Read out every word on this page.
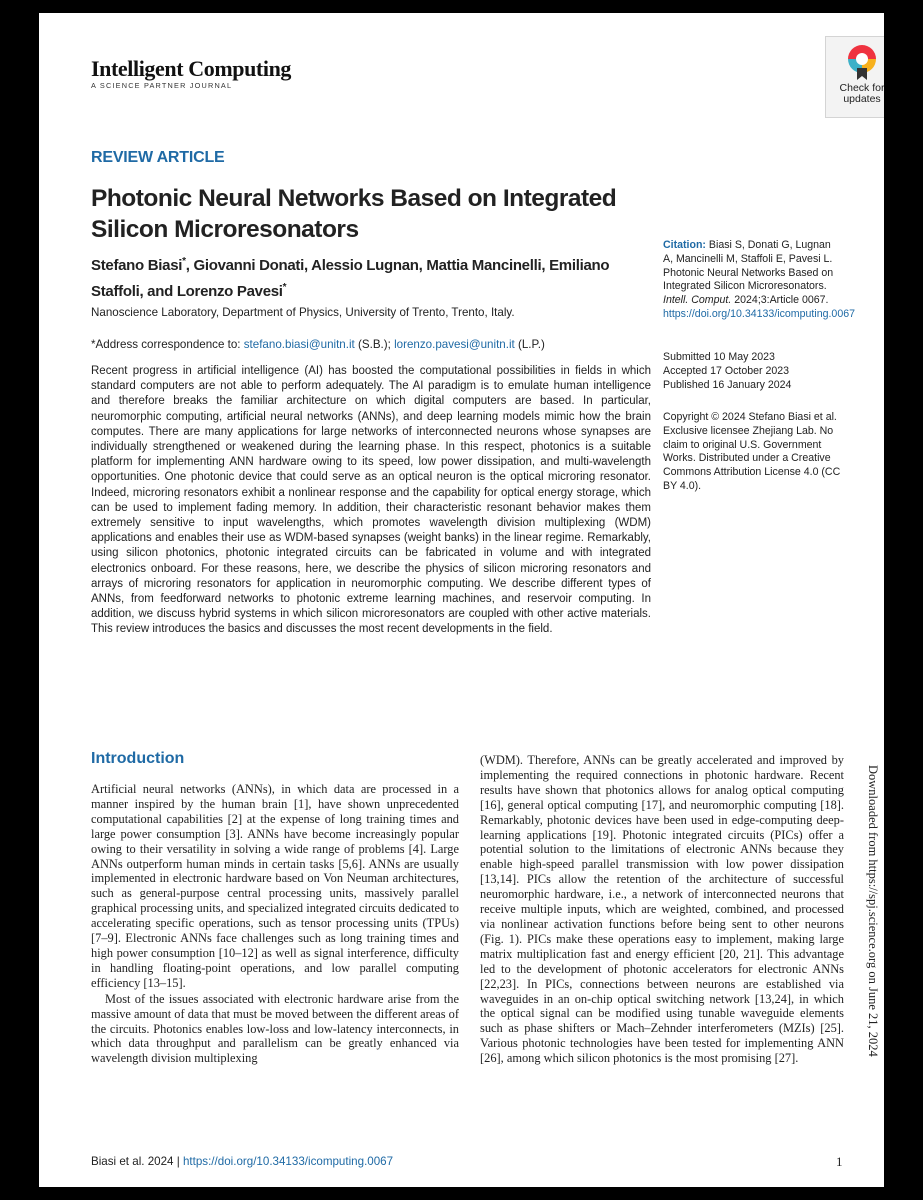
Intelligent Computing
A SCIENCE PARTNER JOURNAL	Check for
updates
REVIEW ARTICLE
Photonic Neural Networks Based on Integrated Silicon Microresonators
Stefano Biasi*, Giovanni Donati, Alessio Lugnan, Mattia Mancinelli, Emiliano Staffoli, and Lorenzo Pavesi*
Nanoscience Laboratory, Department of Physics, University of Trento, Trento, Italy.
*Address correspondence to: stefano.biasi@unitn.it (S.B.); lorenzo.pavesi@unitn.it (L.P.)

Recent progress in artificial intelligence (AI) has boosted the computational possibilities in fields in which standard computers are not able to perform adequately. The AI paradigm is to emulate human intelligence and therefore breaks the familiar architecture on which digital computers are based. In particular, neuromorphic computing, artificial neural networks (ANNs), and deep learning models mimic how the brain computes. There are many applications for large networks of interconnected neurons whose synapses are individually strengthened or weakened during the learning phase. In this respect, photonics is a suitable platform for implementing ANN hardware owing to its speed, low power dissipation, and multi-wavelength opportunities. One photonic device that could serve as an optical neuron is the optical microring resonator. Indeed, microring resonators exhibit a nonlinear response and the capability for optical energy storage, which can be used to implement fading memory. In addition, their characteristic resonant behavior makes them extremely sensitive to input wavelengths, which promotes wavelength division multiplexing (WDM) applications and enables their use as WDM-based synapses (weight banks) in the linear regime. Remarkably, using silicon photonics, photonic integrated circuits can be fabricated in volume and with integrated electronics onboard. For these reasons, here, we describe the physics of silicon microring resonators and arrays of microring resonators for application in neuromorphic computing. We describe different types of ANNs, from feedforward networks to photonic extreme learning machines, and reservoir computing. In addition, we discuss hybrid systems in which silicon microresonators are coupled with other active materials. This review introduces the basics and discusses the most recent developments in the field.

Citation: Biasi S, Donati G, Lugnan A, Mancinelli M, Staffoli E, Pavesi L. Photonic Neural Networks Based on Integrated Silicon Microresonators. Intell. Comput. 2024;3:Article 0067. https://doi.org/10.34133/icomputing.0067
Submitted 10 May 2023
Accepted 17 October 2023
Published 16 January 2024
Copyright © 2024 Stefano Biasi et al. Exclusive licensee Zhejiang Lab. No claim to original U.S. Government Works. Distributed under a Creative Commons Attribution License 4.0 (CC BY 4.0).
Downloaded from https://spj.science.org on June 21, 2024
Introduction

Artificial neural networks (ANNs), in which data are processed in a manner inspired by the human brain [1], have shown unprecedented computational capabilities [2] at the expense of long training times and large power consumption [3]. ANNs have become increasingly popular owing to their versatility in solving a wide range of problems [4]. Large ANNs outperform human minds in certain tasks [5,6]. ANNs are usually implemented in electronic hardware based on Von Neuman architectures, such as general-purpose central processing units, massively parallel graphical processing units, and specialized integrated circuits dedicated to accelerating specific operations, such as tensor processing units (TPUs) [7–9]. Electronic ANNs face challenges such as long training times and high power consumption [10–12] as well as signal interference, difficulty in handling floating-point operations, and low parallel computing efficiency [13–15].

Most of the issues associated with electronic hardware arise from the massive amount of data that must be moved between the different areas of the circuits. Photonics enables low-loss and low-latency interconnects, in which data throughput and parallelism can be greatly enhanced via wavelength division multiplexing

(WDM). Therefore, ANNs can be greatly accelerated and improved by implementing the required connections in photonic hardware. Recent results have shown that photonics allows for analog optical computing [16], general optical computing [17], and neuromorphic computing [18]. Remarkably, photonic devices have been used in edge-computing deep-learning applications [19]. Photonic integrated circuits (PICs) offer a potential solution to the limitations of electronic ANNs because they enable high-speed parallel transmission with low power dissipation [13,14]. PICs allow the retention of the architecture of successful neuromorphic hardware, i.e., a network of interconnected neurons that receive multiple inputs, which are weighted, combined, and processed via nonlinear activation functions before being sent to other neurons (Fig. 1). PICs make these operations easy to implement, making large matrix multiplication fast and energy efficient [20, 21]. This advantage led to the development of photonic accelerators for electronic ANNs [22,23]. In PICs, connections between neurons are established via waveguides in an on-chip optical switching network [13,24], in which the optical signal can be modified using tunable waveguide elements such as phase shifters or Mach–Zehnder interferometers (MZIs) [25]. Various photonic technologies have been tested for implementing ANN [26], among which silicon photonics is the most promising [27].

Biasi et al. 2024 | https://doi.org/10.34133/icomputing.0067	1
